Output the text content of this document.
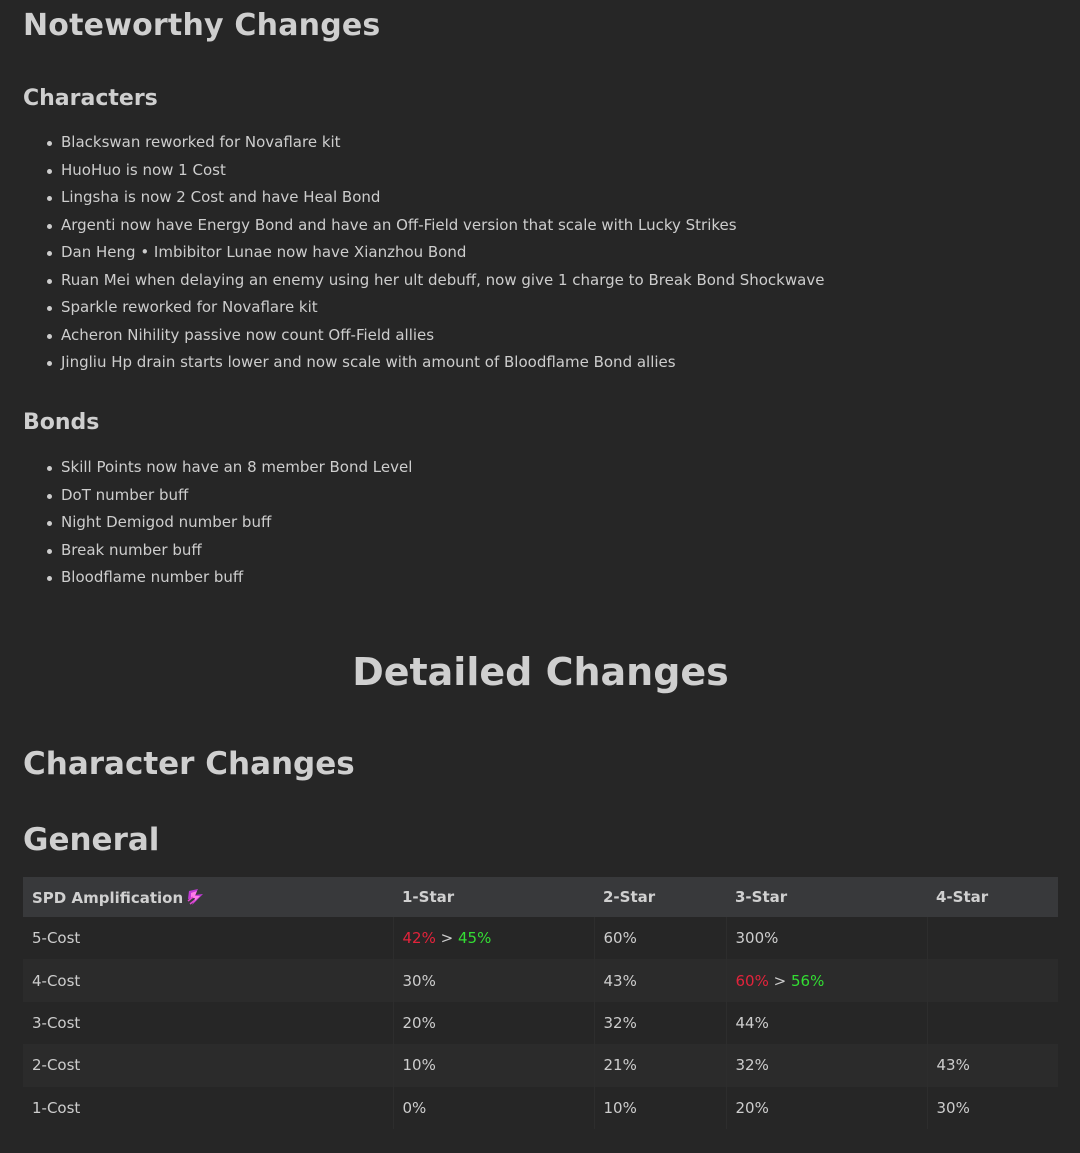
Noteworthy Changes
Characters
Blackswan reworked for Novaflare kit
HuoHuo is now 1 Cost
Lingsha is now 2 Cost and have Heal Bond
Argenti now have Energy Bond and have an Off-Field version that scale with Lucky Strikes
Dan Heng • Imbibitor Lunae now have Xianzhou Bond
Ruan Mei when delaying an enemy using her ult debuff, now give 1 charge to Break Bond Shockwave
Sparkle reworked for Novaflare kit
Acheron Nihility passive now count Off-Field allies
Jingliu Hp drain starts lower and now scale with amount of Bloodflame Bond allies
Bonds
Skill Points now have an 8 member Bond Level
DoT number buff
Night Demigod number buff
Break number buff
Bloodflame number buff
Detailed Changes
Character Changes
General
SPD Amplification	1-Star	2-Star	3-Star	4-Star
5-Cost	42% > 45%	60%	300%	
4-Cost	30%	43%	60% > 56%	
3-Cost	20%	32%	44%	
2-Cost	10%	21%	32%	43%
1-Cost	0%	10%	20%	30%
